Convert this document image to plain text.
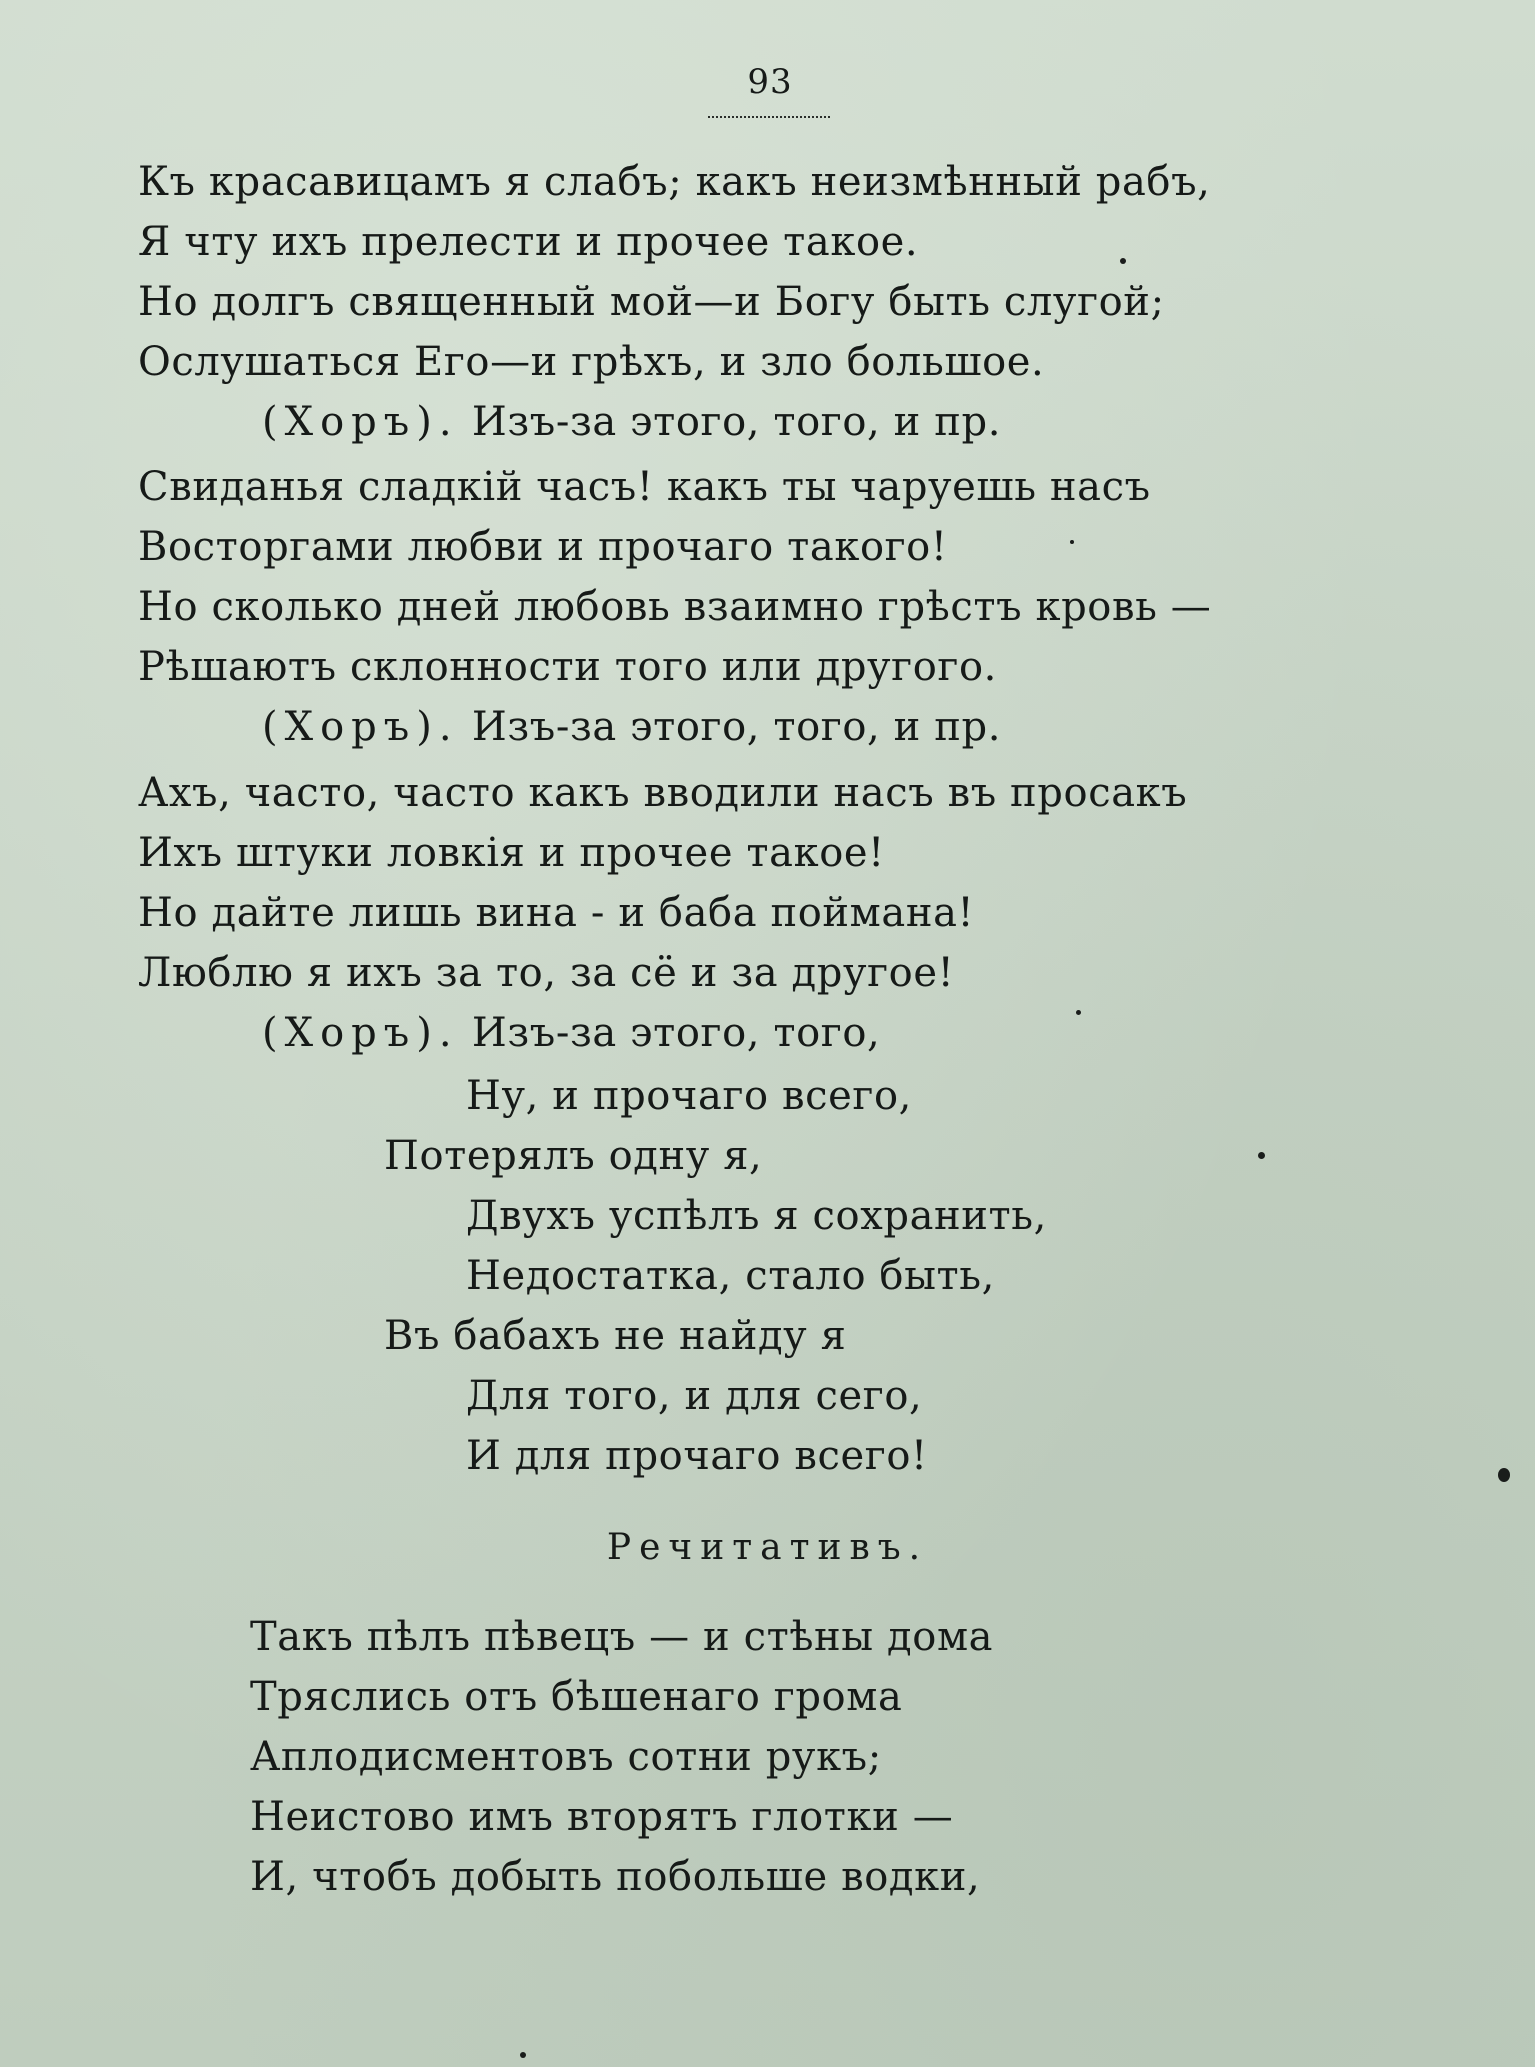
93
Къ красавицамъ я слабъ; какъ неизмѣнный рабъ,
Я чту ихъ прелести и прочее такое.
Но долгъ священный мой—и Богу быть слугой;
Ослушаться Его—и грѣхъ, и зло большое.
(Хоръ). Изъ-за этого, того, и пр.
Свиданья сладкій часъ! какъ ты чаруешь насъ
Восторгами любви и прочаго такого!
Но сколько дней любовь взаимно грѣстъ кровь —
Рѣшаютъ склонности того или другого.
(Хоръ). Изъ-за этого, того, и пр.
Ахъ, часто, часто какъ вводили насъ въ просакъ
Ихъ штуки ловкія и прочее такое!
Но дайте лишь вина - и баба поймана!
Люблю я ихъ за то, за сё и за другое!
(Хоръ). Изъ-за этого, того,
Ну, и прочаго всего,
Потерялъ одну я,
Двухъ успѣлъ я сохранить,
Недостатка, стало быть,
Въ бабахъ не найду я
Для того, и для сего,
И для прочаго всего!
Речитативъ.
Такъ пѣлъ пѣвецъ — и стѣны дома
Тряслись отъ бѣшенаго грома
Аплодисментовъ сотни рукъ;
Неистово имъ вторятъ глотки —
И, чтобъ добыть побольше водки,
